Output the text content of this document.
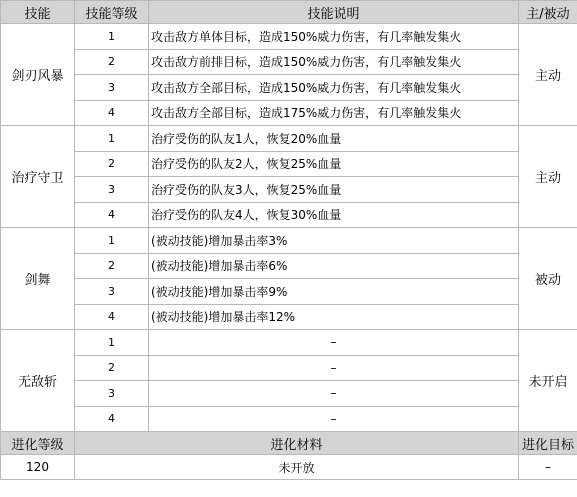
技能	技能等级	技能说明	主/被动
剑刃风暴	1	攻击敌方单体目标，造成150%威力伤害，有几率触发集火	主动
	2	攻击敌方前排目标，造成150%威力伤害，有几率触发集火	
	3	攻击敌方全部目标，造成150%威力伤害，有几率触发集火	
	4	攻击敌方全部目标，造成175%威力伤害，有几率触发集火	
治疗守卫	1	治疗受伤的队友1人，恢复20%血量	主动
	2	治疗受伤的队友2人，恢复25%血量	
	3	治疗受伤的队友3人，恢复25%血量	
	4	治疗受伤的队友4人，恢复30%血量	
剑舞	1	(被动技能)增加暴击率3%	被动
	2	(被动技能)增加暴击率6%	
	3	(被动技能)增加暴击率9%	
	4	(被动技能)增加暴击率12%	
无敌斩	1	–	未开启
	2	–	
	3	–	
	4	–	
进化等级	进化材料		进化目标
120	未开放		–
